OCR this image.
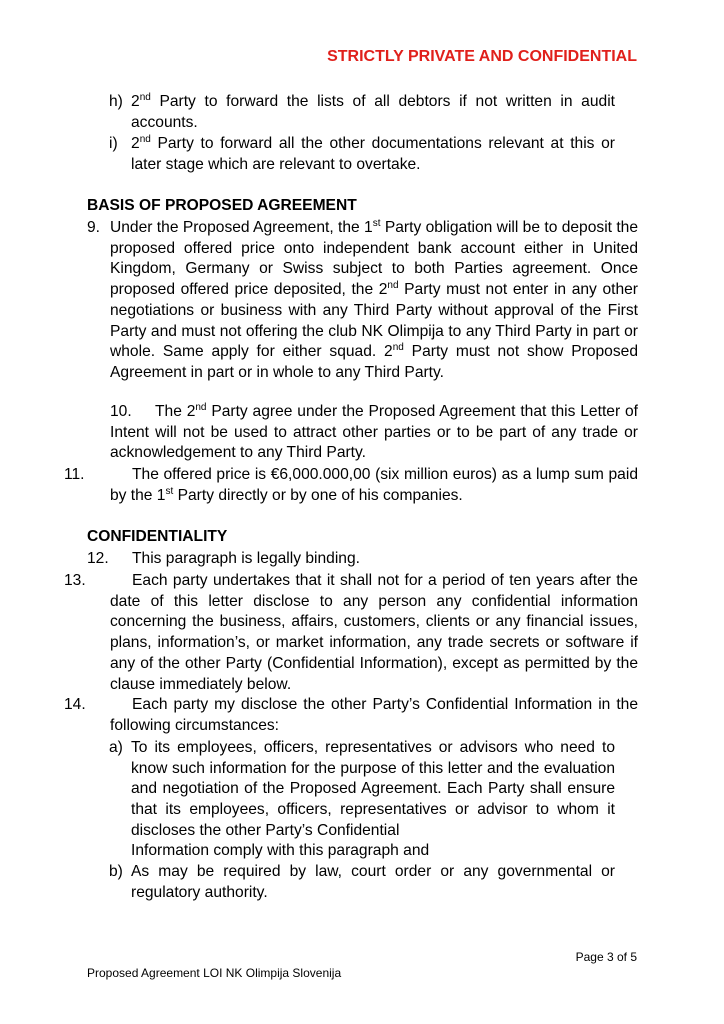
STRICTLY PRIVATE AND CONFIDENTIAL
h) 2nd Party to forward the lists of all debtors if not written in audit accounts.
i) 2nd Party to forward all the other documentations relevant at this or later stage which are relevant to overtake.
BASIS OF PROPOSED AGREEMENT
9. Under the Proposed Agreement, the 1st Party obligation will be to deposit the proposed offered price onto independent bank account either in United Kingdom, Germany or Swiss subject to both Parties agreement. Once proposed offered price deposited, the 2nd Party must not enter in any other negotiations or business with any Third Party without approval of the First Party and must not offering the club NK Olimpija to any Third Party in part or whole. Same apply for either squad. 2nd Party must not show Proposed Agreement in part or in whole to any Third Party.
10. The 2nd Party agree under the Proposed Agreement that this Letter of Intent will not be used to attract other parties or to be part of any trade or acknowledgement to any Third Party.
11.	The offered price is €6,000.000,00 (six million euros) as a lump sum paid by the 1st Party directly or by one of his companies.
CONFIDENTIALITY
12. This paragraph is legally binding.
13.	Each party undertakes that it shall not for a period of ten years after the date of this letter disclose to any person any confidential information concerning the business, affairs, customers, clients or any financial issues, plans, information’s, or market information, any trade secrets or software if any of the other Party (Confidential Information), except as permitted by the clause immediately below.
14.	Each party my disclose the other Party’s Confidential Information in the following circumstances:
a) To its employees, officers, representatives or advisors who need to know such information for the purpose of this letter and the evaluation and negotiation of the Proposed Agreement. Each Party shall ensure that its employees, officers, representatives or advisor to whom it discloses the other Party’s Confidential
Information comply with this paragraph and
b) As may be required by law, court order or any governmental or regulatory authority.
Page 3 of 5
Proposed Agreement LOI NK Olimpija Slovenija
